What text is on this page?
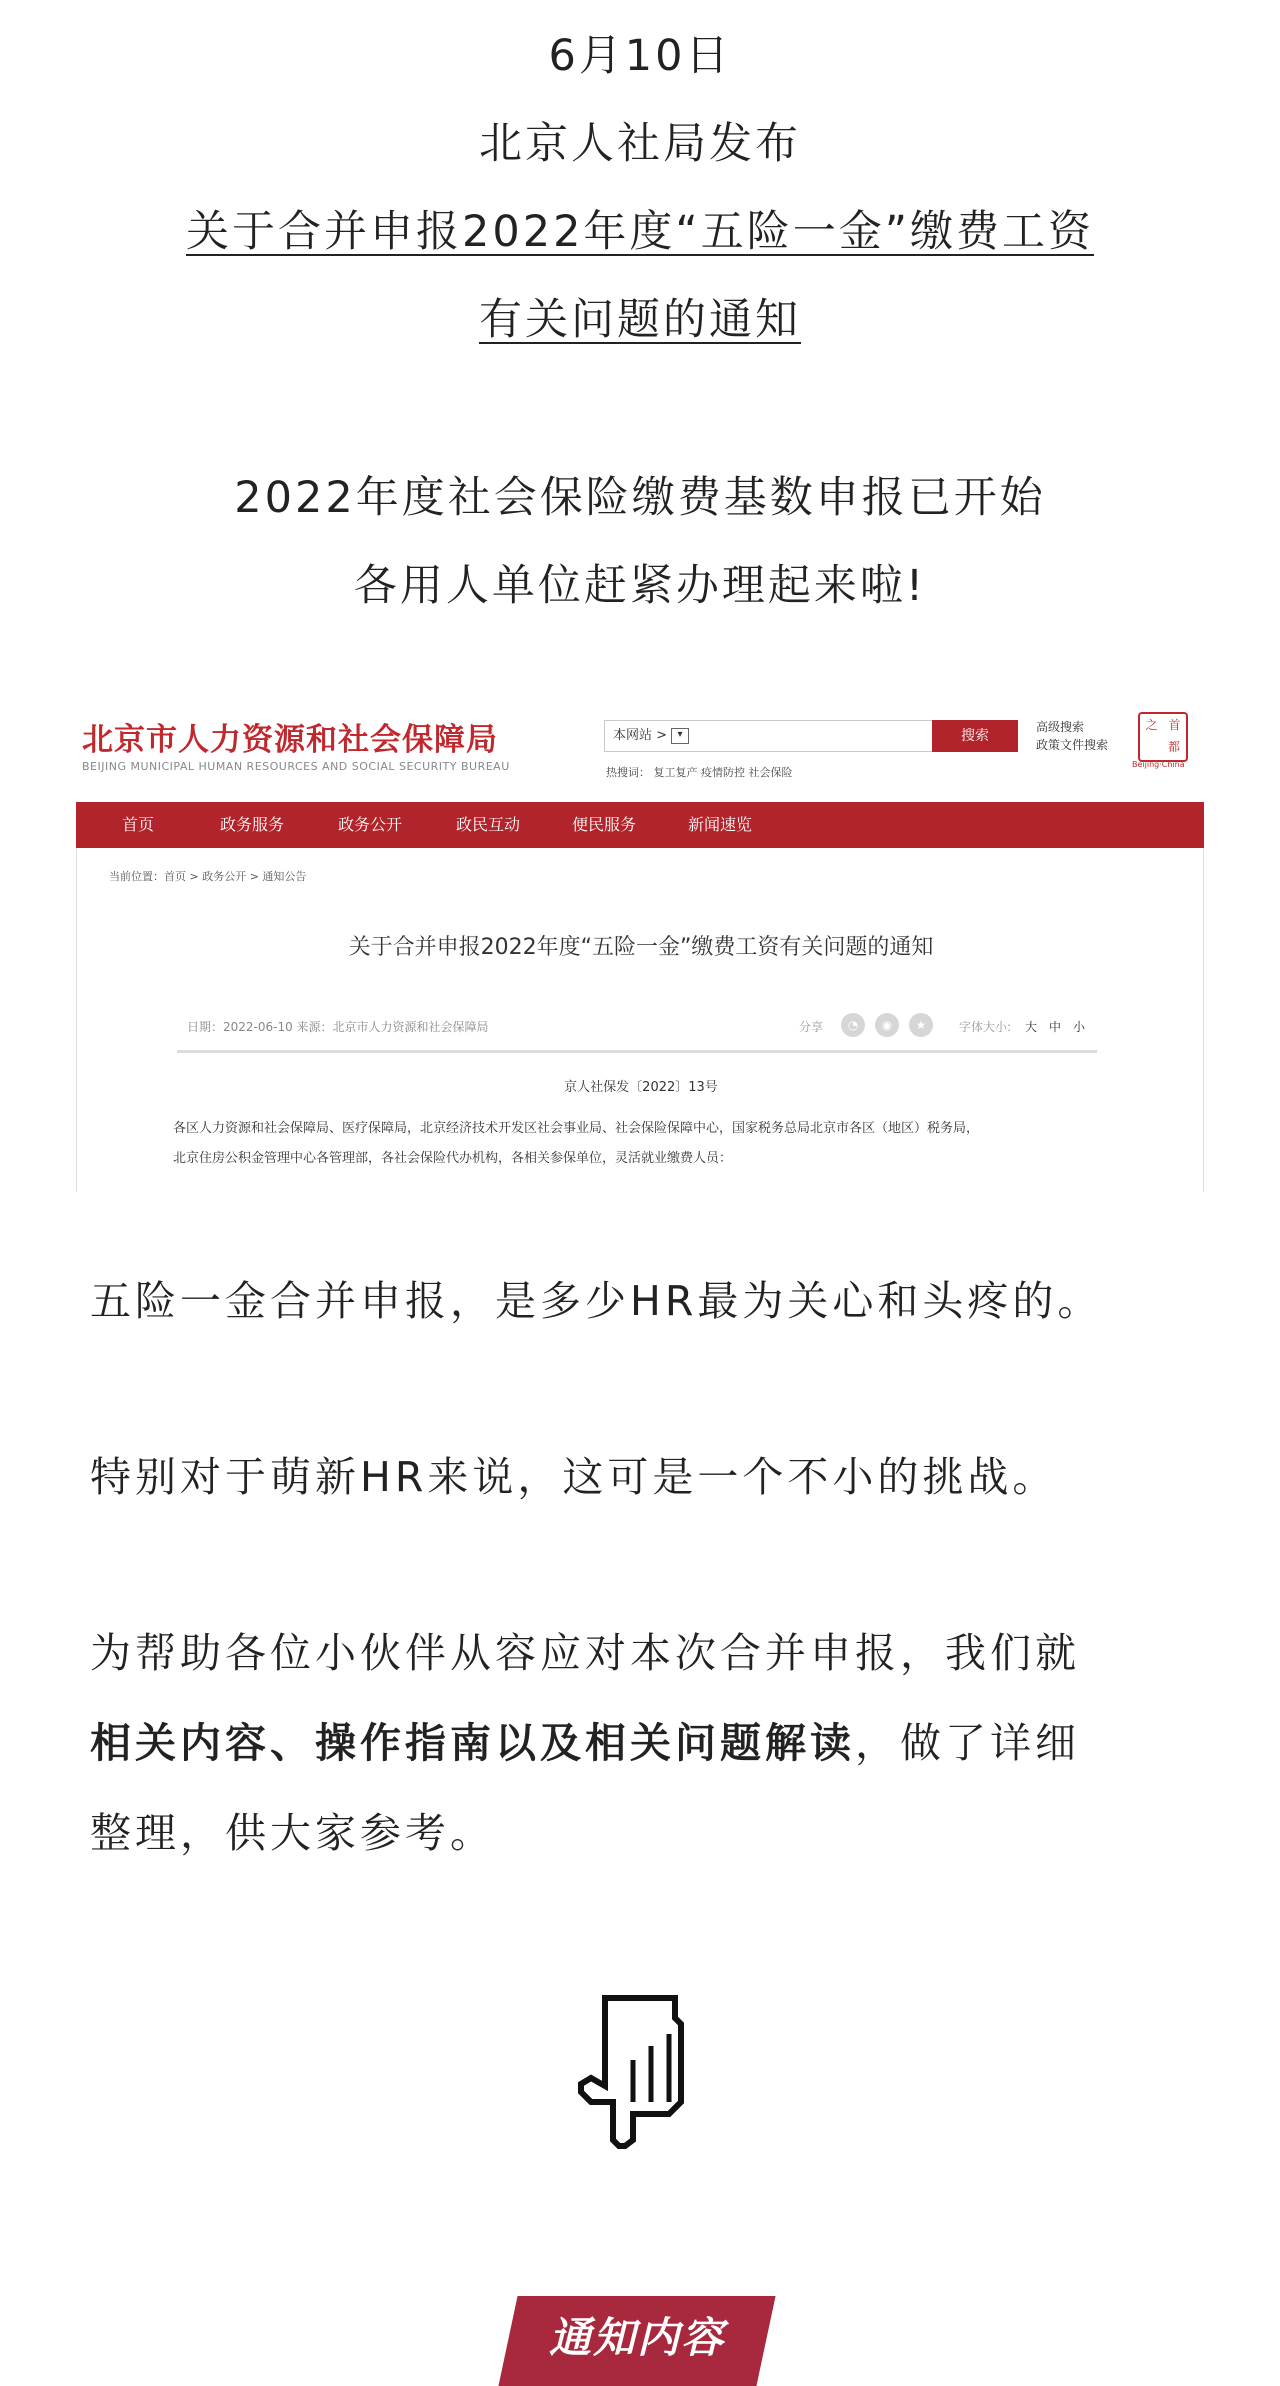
6月10日
北京人社局发布
关于合并申报2022年度“五险一金”缴费工资
有关问题的通知
2022年度社会保险缴费基数申报已开始
各用人单位赶紧办理起来啦!
北京市人力资源和社会保障局
BEIJING MUNICIPAL HUMAN RESOURCES AND SOCIAL SECURITY BUREAU
本网站 > ▾	搜索
高级搜索
政策文件搜索
热搜词： 复工复产 疫情防控 社会保险
之 首
都
Beijing·China
首页	政务服务	政务公开	政民互动	便民服务	新闻速览
当前位置：首页 > 政务公开 > 通知公告
关于合并申报2022年度“五险一金”缴费工资有关问题的通知
日期：2022-06-10 来源：北京市人力资源和社会保障局	分享	◔	◉	★	字体大小: 大 中 小
京人社保发〔2022〕13号
各区人力资源和社会保障局、医疗保障局，北京经济技术开发区社会事业局、社会保险保障中心，国家税务总局北京市各区（地区）税务局，
北京住房公积金管理中心各管理部，各社会保险代办机构，各相关参保单位，灵活就业缴费人员：
五险一金合并申报，是多少HR最为关心和头疼的。
特别对于萌新HR来说，这可是一个不小的挑战。
为帮助各位小伙伴从容应对本次合并申报，我们就
相关内容、操作指南以及相关问题解读，做了详细
整理，供大家参考。
通知内容
